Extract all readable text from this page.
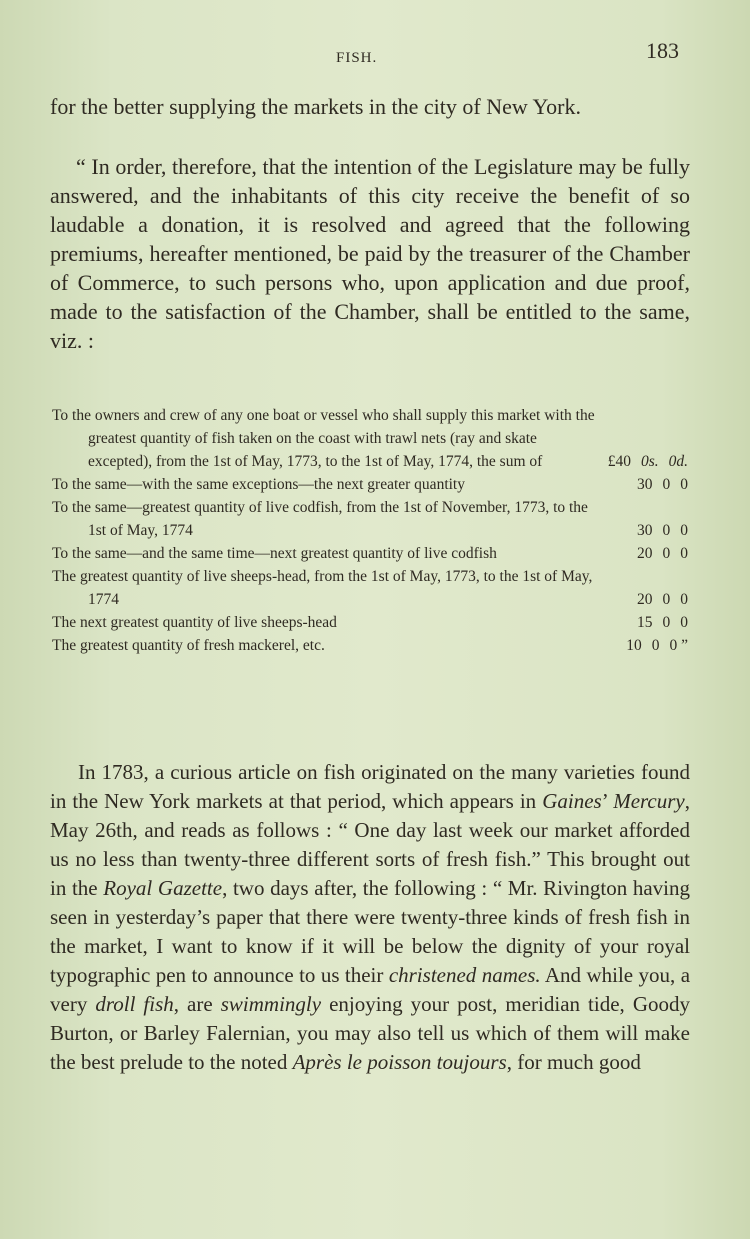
FISH.	183

for the better supplying the markets in the city of New York.

“ In order, therefore, that the intention of the Legislature may be fully answered, and the inhabitants of this city receive the benefit of so laudable a donation, it is resolved and agreed that the following premiums, hereafter mentioned, be paid by the treasurer of the Chamber of Commerce, to such persons who, upon application and due proof, made to the satisfaction of the Chamber, shall be entitled to the same, viz. :

To the owners and crew of any one boat or vessel who shall supply this market with the greatest quantity of fish taken on the coast with trawl nets (ray and skate excepted), from the 1st of May, 1773, to the 1st of May, 1774, the sum of	£40 0s. 0d.
To the same—with the same exceptions—the next greater quantity	30 0 0
To the same—greatest quantity of live codfish, from the 1st of November, 1773, to the 1st of May, 1774	30 0 0
To the same—and the same time—next greatest quantity of live codfish	20 0 0
The greatest quantity of live sheeps-head, from the 1st of May, 1773, to the 1st of May, 1774	20 0 0
The next greatest quantity of live sheeps-head	15 0 0
The greatest quantity of fresh mackerel, etc.	10 0 0 ”

In 1783, a curious article on fish originated on the many varieties found in the New York markets at that period, which appears in Gaines’ Mercury, May 26th, and reads as follows : “ One day last week our market afforded us no less than twenty-three different sorts of fresh fish.” This brought out in the Royal Gazette, two days after, the following : “ Mr. Rivington having seen in yesterday’s paper that there were twenty-three kinds of fresh fish in the market, I want to know if it will be below the dignity of your royal typographic pen to announce to us their christened names. And while you, a very droll fish, are swimmingly enjoying your post, meridian tide, Goody Burton, or Barley Falernian, you may also tell us which of them will make the best prelude to the noted Après le poisson toujours, for much good
